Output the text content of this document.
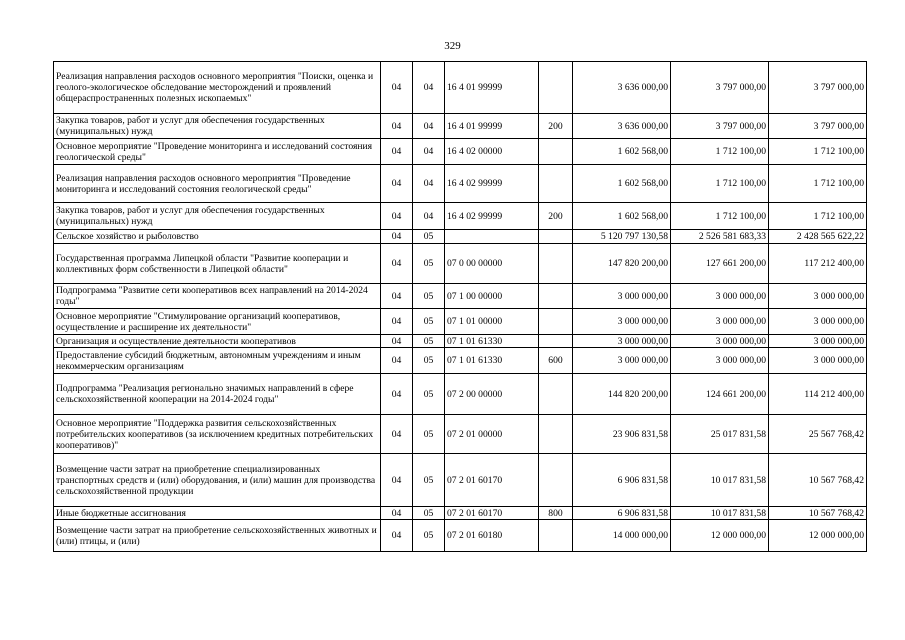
329
Реализация направления расходов основного мероприятия "Поиски, оценка и геолого-экологическое обследование месторождений и проявлений общераспространенных полезных ископаемых"	04	04	16 4 01 99999		3 636 000,00	3 797 000,00	3 797 000,00
Закупка товаров, работ и услуг для обеспечения государственных (муниципальных) нужд	04	04	16 4 01 99999	200	3 636 000,00	3 797 000,00	3 797 000,00
Основное мероприятие "Проведение мониторинга и исследований состояния геологической среды"	04	04	16 4 02 00000		1 602 568,00	1 712 100,00	1 712 100,00
Реализация направления расходов основного мероприятия "Проведение мониторинга и исследований состояния геологической среды"	04	04	16 4 02 99999		1 602 568,00	1 712 100,00	1 712 100,00
Закупка товаров, работ и услуг для обеспечения государственных (муниципальных) нужд	04	04	16 4 02 99999	200	1 602 568,00	1 712 100,00	1 712 100,00
Сельское хозяйство и рыболовство	04	05			5 120 797 130,58	2 526 581 683,33	2 428 565 622,22
Государственная программа Липецкой области "Развитие кооперации и коллективных форм собственности в Липецкой области"	04	05	07 0 00 00000		147 820 200,00	127 661 200,00	117 212 400,00
Подпрограмма "Развитие сети кооперативов всех направлений на 2014-2024 годы"	04	05	07 1 00 00000		3 000 000,00	3 000 000,00	3 000 000,00
Основное мероприятие "Стимулирование организаций кооперативов, осуществление и расширение их деятельности"	04	05	07 1 01 00000		3 000 000,00	3 000 000,00	3 000 000,00
Организация и осуществление деятельности кооперативов	04	05	07 1 01 61330		3 000 000,00	3 000 000,00	3 000 000,00
Предоставление субсидий бюджетным, автономным учреждениям и иным некоммерческим организациям	04	05	07 1 01 61330	600	3 000 000,00	3 000 000,00	3 000 000,00
Подпрограмма "Реализация регионально значимых направлений в сфере сельскохозяйственной кооперации на 2014-2024 годы"	04	05	07 2 00 00000		144 820 200,00	124 661 200,00	114 212 400,00
Основное мероприятие "Поддержка развития сельскохозяйственных потребительских кооперативов (за исключением кредитных потребительских кооперативов)"	04	05	07 2 01 00000		23 906 831,58	25 017 831,58	25 567 768,42
Возмещение части затрат на приобретение специализированных транспортных средств и (или) оборудования, и (или) машин для производства сельскохозяйственной продукции	04	05	07 2 01 60170		6 906 831,58	10 017 831,58	10 567 768,42
Иные бюджетные ассигнования	04	05	07 2 01 60170	800	6 906 831,58	10 017 831,58	10 567 768,42
Возмещение части затрат на приобретение сельскохозяйственных животных и (или) птицы, и (или)	04	05	07 2 01 60180		14 000 000,00	12 000 000,00	12 000 000,00
